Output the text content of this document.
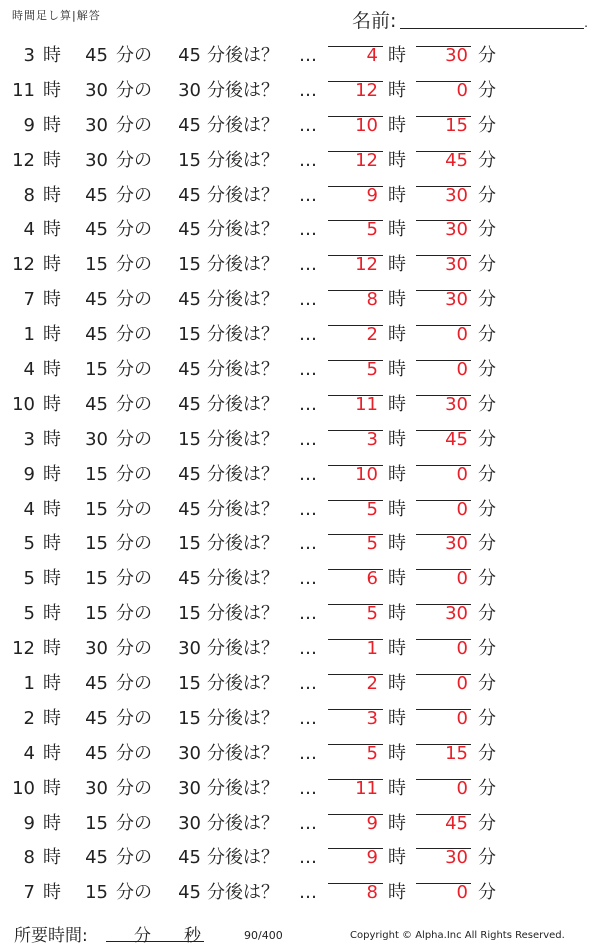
時間足し算|解答	名前:	.
3 時	45 分の	45 分後は？ …	4 時	30 分
11 時	30 分の	30 分後は？ …	12 時	0 分
9 時	30 分の	45 分後は？ …	10 時	15 分
12 時	30 分の	15 分後は？ …	12 時	45 分
8 時	45 分の	45 分後は？ …	9 時	30 分
4 時	45 分の	45 分後は？ …	5 時	30 分
12 時	15 分の	15 分後は？ …	12 時	30 分
7 時	45 分の	45 分後は？ …	8 時	30 分
1 時	45 分の	15 分後は？ …	2 時	0 分
4 時	15 分の	45 分後は？ …	5 時	0 分
10 時	45 分の	45 分後は？ …	11 時	30 分
3 時	30 分の	15 分後は？ …	3 時	45 分
9 時	15 分の	45 分後は？ …	10 時	0 分
4 時	15 分の	45 分後は？ …	5 時	0 分
5 時	15 分の	15 分後は？ …	5 時	30 分
5 時	15 分の	45 分後は？ …	6 時	0 分
5 時	15 分の	15 分後は？ …	5 時	30 分
12 時	30 分の	30 分後は？ …	1 時	0 分
1 時	45 分の	15 分後は？ …	2 時	0 分
2 時	45 分の	15 分後は？ …	3 時	0 分
4 時	45 分の	30 分後は？ …	5 時	15 分
10 時	30 分の	30 分後は？ …	11 時	0 分
9 時	15 分の	30 分後は？ …	9 時	45 分
8 時	45 分の	45 分後は？ …	9 時	30 分
7 時	15 分の	45 分後は？ …	8 時	0 分
所要時間:	分 秒	90/400	Copyright © Alpha.Inc All Rights Reserved.
